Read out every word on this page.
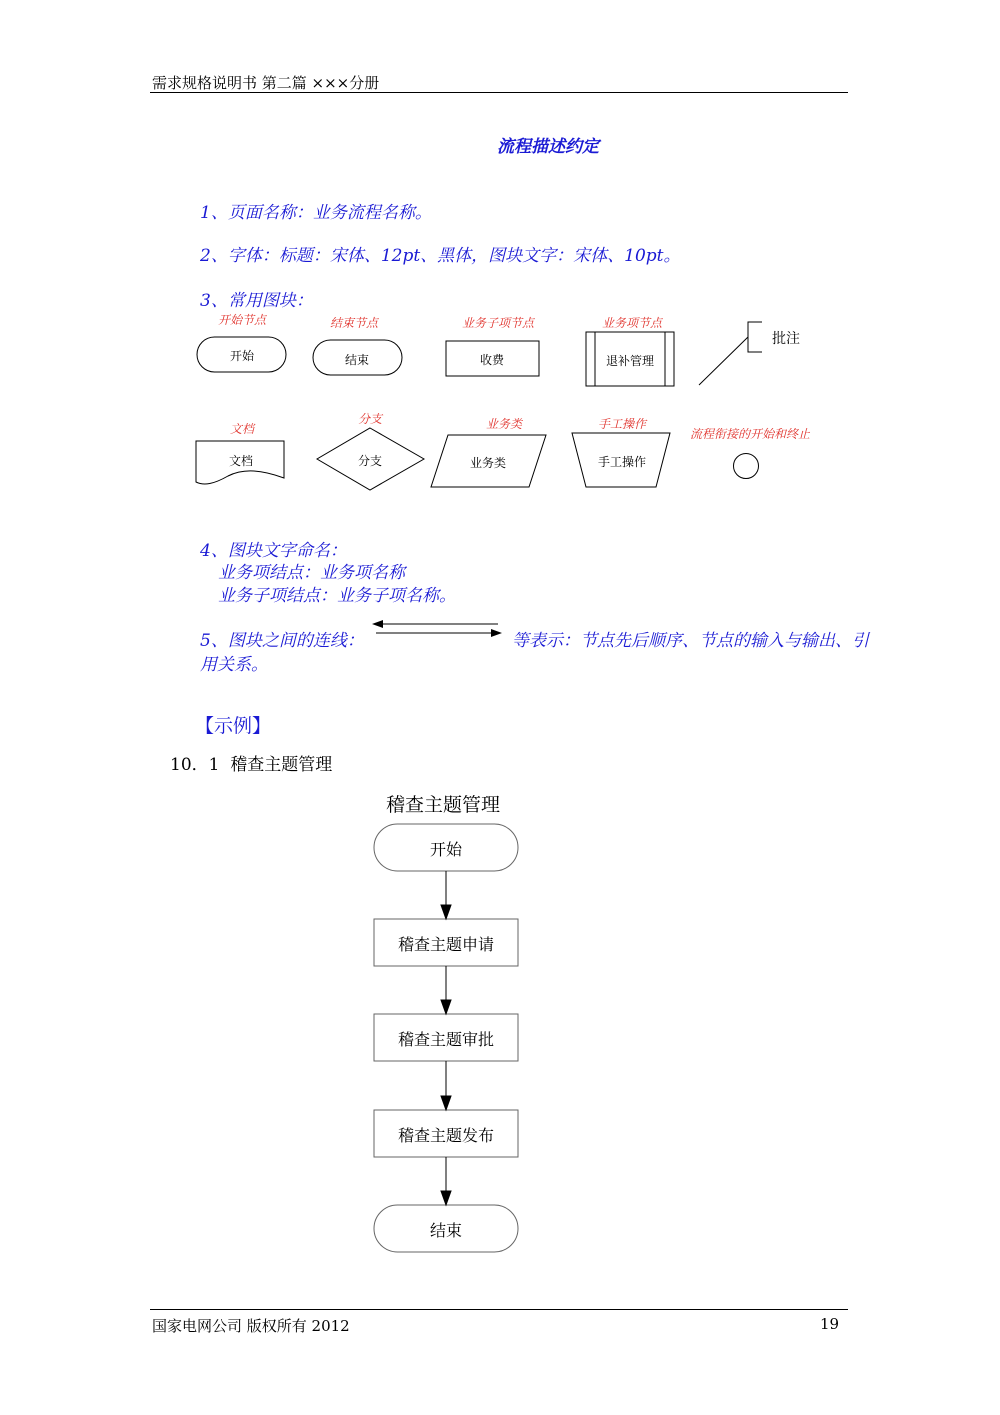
需求规格说明书 第二篇 ×××分册
流程描述约定
1、页面名称：业务流程名称。
2、字体：标题：宋体、12pt、黑体，图块文字：宋体、10pt。
3、常用图块：
开始节点	结束节点	业务子项节点	业务项节点
文档
分支	业务类	手工操作
流程衔接的开始和终止
开始	结束	收费	退补管理
批注
文档	分支	业务类	手工操作
4、图块文字命名：
业务项结点：业务项名称
业务子项结点：业务子项名称。
5、图块之间的连线：	等表示：节点先后顺序、节点的输入与输出、引
用关系。
【示例】
10．1  稽查主题管理
稽查主题管理
开始
稽查主题申请
稽查主题审批
稽查主题发布
结束
国家电网公司 版权所有 2012	19
